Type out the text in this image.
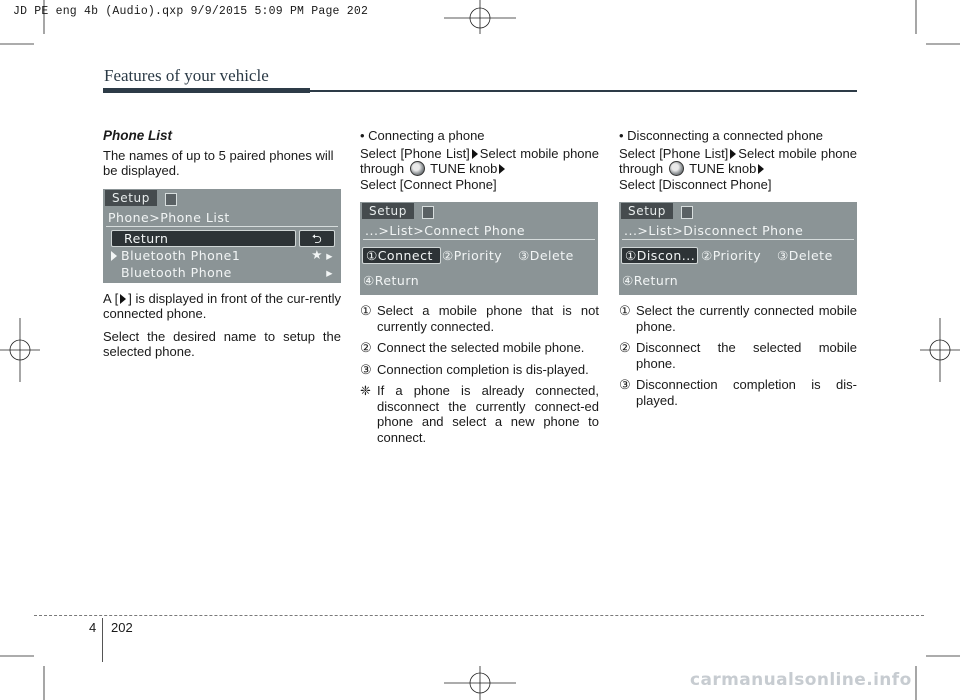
JD PE eng 4b (Audio).qxp 9/9/2015 5:09 PM Page 202
Features of your vehicle

Phone List

The names of up to 5 paired phones will be displayed.

Setup
Phone>Phone List
Return	⮌
Bluetooth Phone1	★ ▸
Bluetooth Phone	▸

A [ ] is displayed in front of the cur-rently connected phone.

Select the desired name to setup the selected phone.

• Connecting a phone

Select [Phone List] Select mobile phone through TUNE knob
Select [Connect Phone]

Setup
...>List>Connect Phone
①Connect ②Priority ③Delete
④Return
① Select a mobile phone that is not currently connected.
② Connect the selected mobile phone.
③ Connection completion is dis-played.
❈ If a phone is already connected, disconnect the currently connect-ed phone and select a new phone to connect.

• Disconnecting a connected phone

Select [Phone List] Select mobile phone through TUNE knob
Select [Disconnect Phone]

Setup
...>List>Disconnect Phone
①Discon... ②Priority ③Delete
④Return
① Select the currently connected mobile phone.
② Disconnect the selected mobile phone.
③ Disconnection completion is dis-played.
4 202
carmanualsonline.info
